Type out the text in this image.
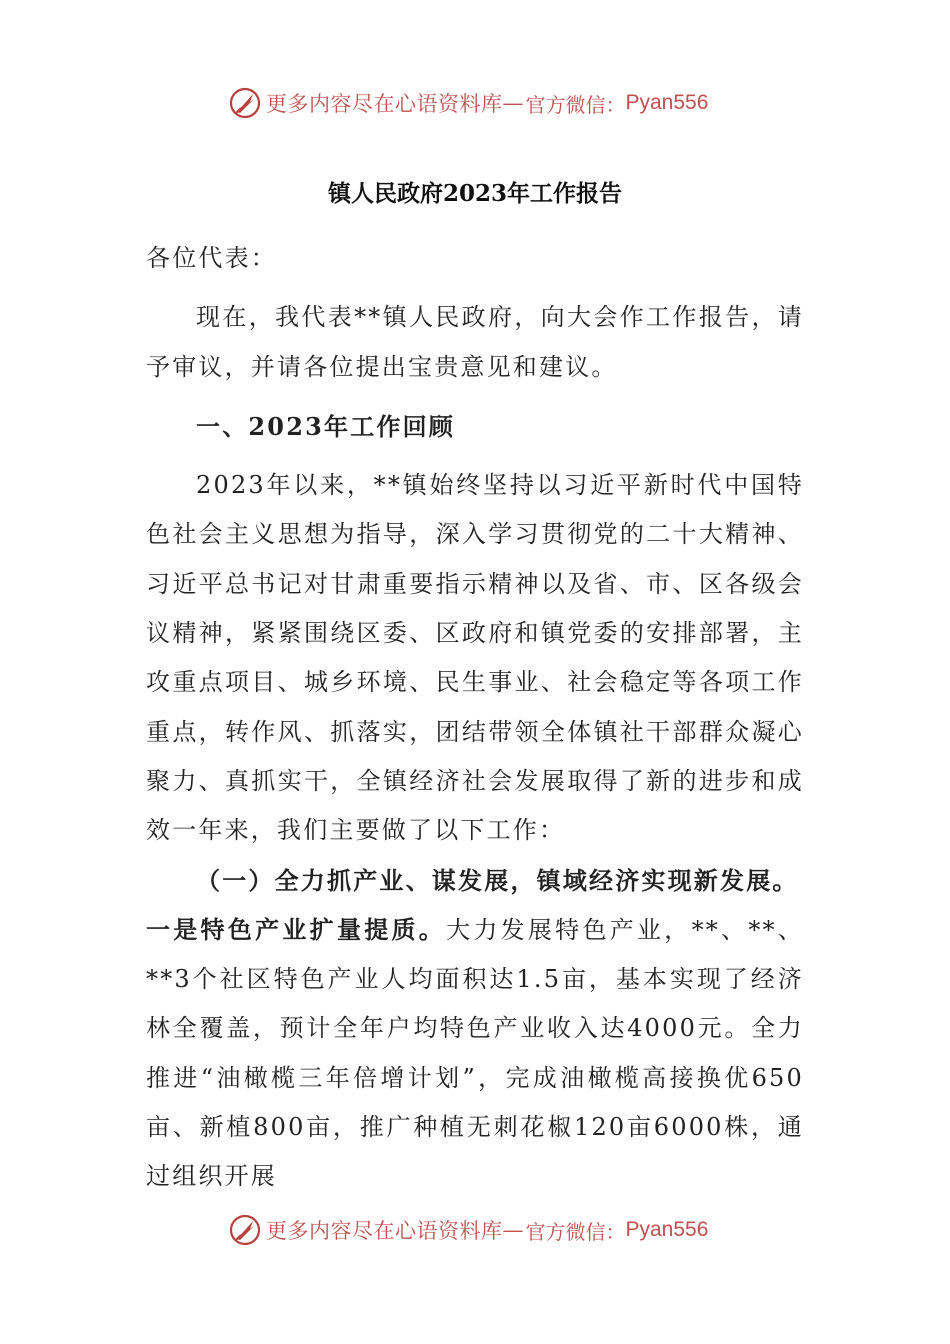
更多内容尽在心语资料库 — 官方微信： Pyan556
镇人民政府2023年工作报告

各位代表：

现在，我代表**镇人民政府，向大会作工作报告，请予审议，并请各位提出宝贵意见和建议。

一、2023年工作回顾

2023年以来，**镇始终坚持以习近平新时代中国特色社会主义思想为指导，深入学习贯彻党的二十大精神、习近平总书记对甘肃重要指示精神以及省、市、区各级会议精神，紧紧围绕区委、区政府和镇党委的安排部署，主攻重点项目、城乡环境、民生事业、社会稳定等各项工作重点，转作风、抓落实，团结带领全体镇社干部群众凝心聚力、真抓实干，全镇经济社会发展取得了新的进步和成效一年来，我们主要做了以下工作：

（一）全力抓产业、谋发展，镇域经济实现新发展。

一是特色产业扩量提质。大力发展特色产业，**、**、**3个社区特色产业人均面积达1.5亩，基本实现了经济林全覆盖，预计全年户均特色产业收入达4000元。全力推进“油橄榄三年倍增计划”，完成油橄榄高接换优650亩、新植800亩，推广种植无刺花椒120亩6000株，通过组织开展

更多内容尽在心语资料库 — 官方微信： Pyan556
